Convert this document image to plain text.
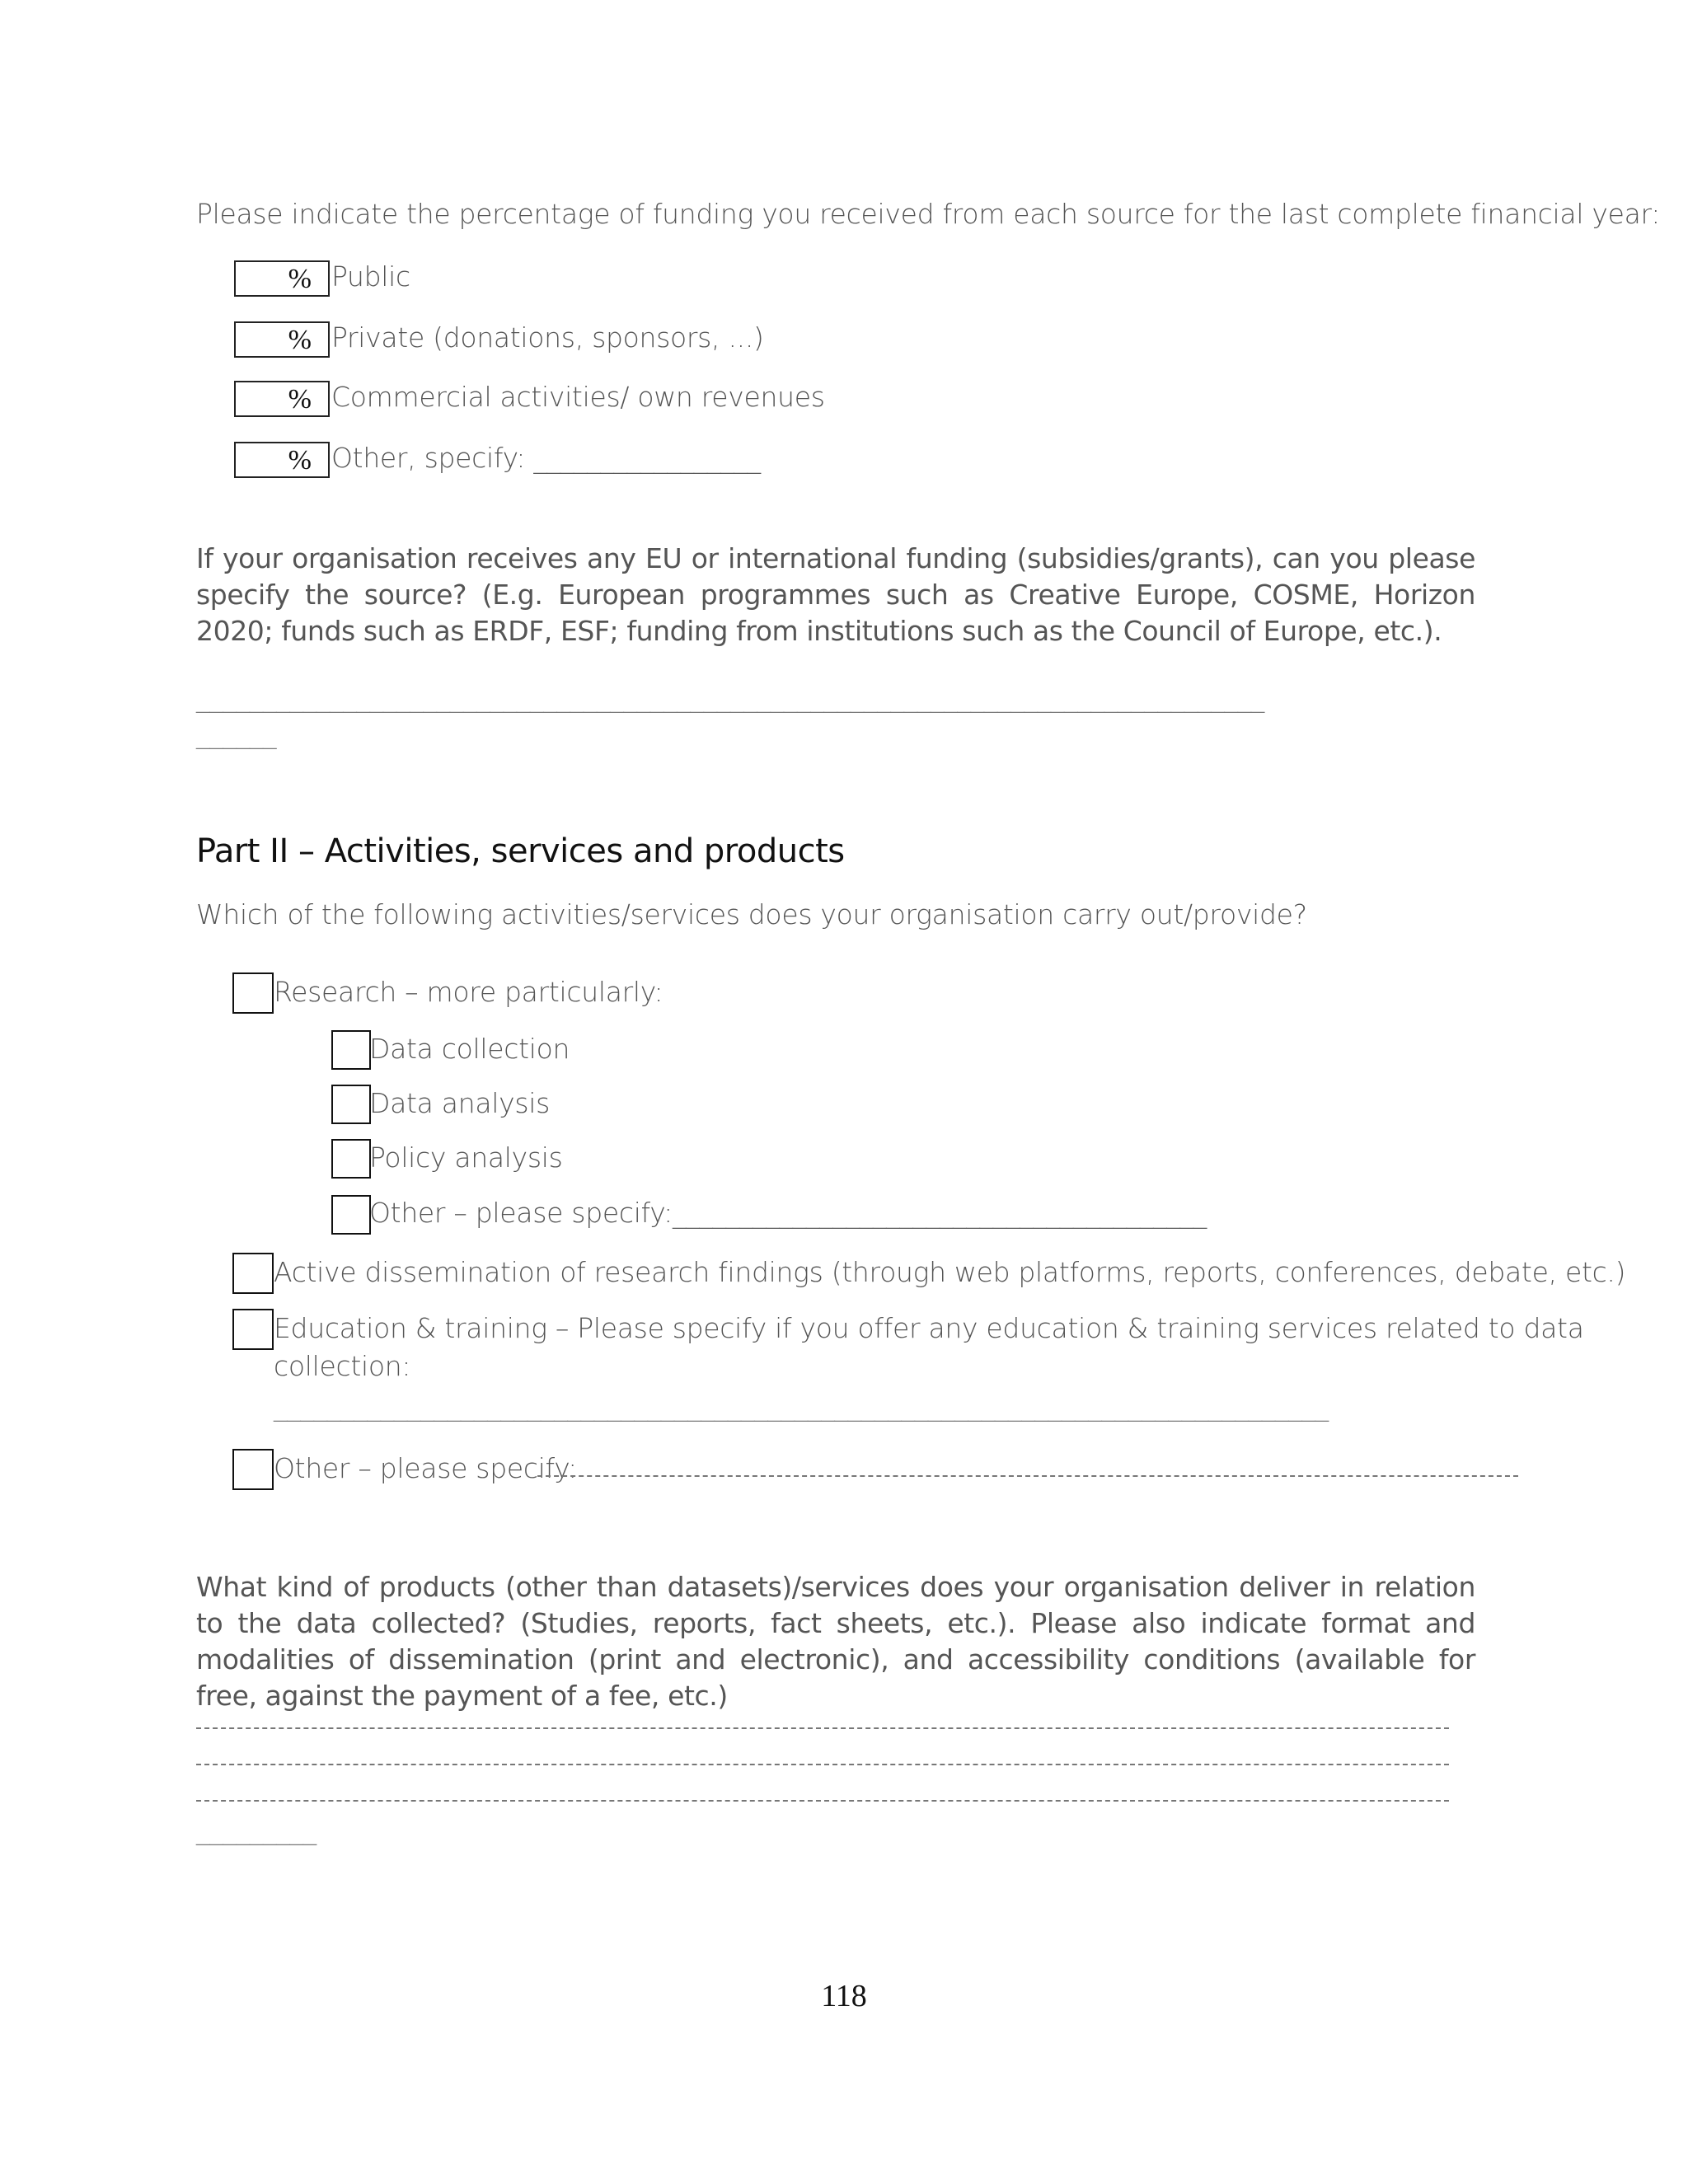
Please indicate the percentage of funding you received from each source for the last complete financial year:
% Public
% Private (donations, sponsors, ...)
% Commercial activities/ own revenues
% Other, specify: _________________
If your organisation receives any EU or international funding (subsidies/grants), can you please specify the source? (E.g. European programmes such as Creative Europe, COSME, Horizon 2020; funds such as ERDF, ESF; funding from institutions such as the Council of Europe, etc.).
________________________________________________________________________________
______
Part II – Activities, services and products
Which of the following activities/services does your organisation carry out/provide?
Research – more particularly:
Data collection
Data analysis
Policy analysis
Other – please specify:________________________________________
Active dissemination of research findings (through web platforms, reports, conferences, debate, etc.)
Education & training – Please specify if you offer any education & training services related to data
collection:
_______________________________________________________________________________
Other – please specify:
What kind of products (other than datasets)/services does your organisation deliver in relation to the data collected? (Studies, reports, fact sheets, etc.). Please also indicate format and modalities of dissemination (print and electronic), and accessibility conditions (available for free, against the payment of a fee, etc.)
_________
118
